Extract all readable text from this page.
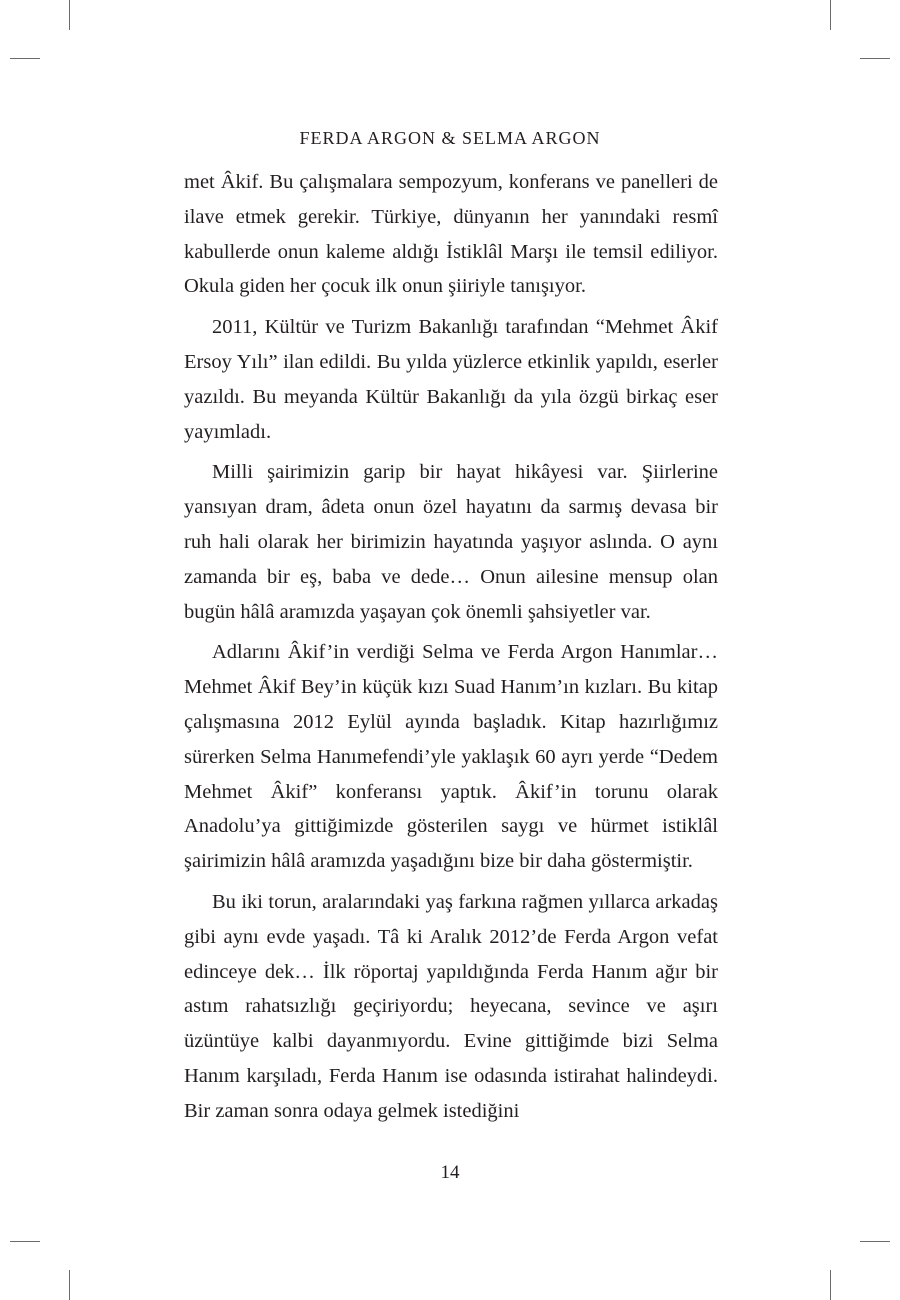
FERDA ARGON & SELMA ARGON

met Âkif. Bu çalışmalara sempozyum, konferans ve panelleri de ilave etmek gerekir. Türkiye, dünyanın her yanındaki resmî kabullerde onun kaleme aldığı İstiklâl Marşı ile temsil ediliyor. Okula giden her çocuk ilk onun şiiriyle tanışıyor.

2011, Kültür ve Turizm Bakanlığı tarafından “Mehmet Âkif Ersoy Yılı” ilan edildi. Bu yılda yüzlerce etkinlik yapıldı, eserler yazıldı. Bu meyanda Kültür Bakanlığı da yıla özgü birkaç eser yayımladı.

Milli şairimizin garip bir hayat hikâyesi var. Şiirlerine yansıyan dram, âdeta onun özel hayatını da sarmış devasa bir ruh hali olarak her birimizin hayatında yaşıyor aslında. O aynı zamanda bir eş, baba ve dede… Onun ailesine mensup olan bugün hâlâ aramızda yaşayan çok önemli şahsiyetler var.

Adlarını Âkif’in verdiği Selma ve Ferda Argon Hanımlar… Mehmet Âkif Bey’in küçük kızı Suad Hanım’ın kızları. Bu kitap çalışmasına 2012 Eylül ayında başladık. Kitap hazırlığımız sürerken Selma Hanımefendi’yle yaklaşık 60 ayrı yerde “Dedem Mehmet Âkif” konferansı yaptık. Âkif’in torunu olarak Anadolu’ya gittiğimizde gösterilen saygı ve hürmet istiklâl şairimizin hâlâ aramızda yaşadığını bize bir daha göstermiştir.

Bu iki torun, aralarındaki yaş farkına rağmen yıllarca arkadaş gibi aynı evde yaşadı. Tâ ki Aralık 2012’de Ferda Argon vefat edinceye dek… İlk röportaj yapıldığında Ferda Hanım ağır bir astım rahatsızlığı geçiriyordu; heyecana, sevince ve aşırı üzüntüye kalbi dayanmıyordu. Evine gittiğimde bizi Selma Hanım karşıladı, Ferda Hanım ise odasında istirahat halindeydi. Bir zaman sonra odaya gelmek istediğini

14
